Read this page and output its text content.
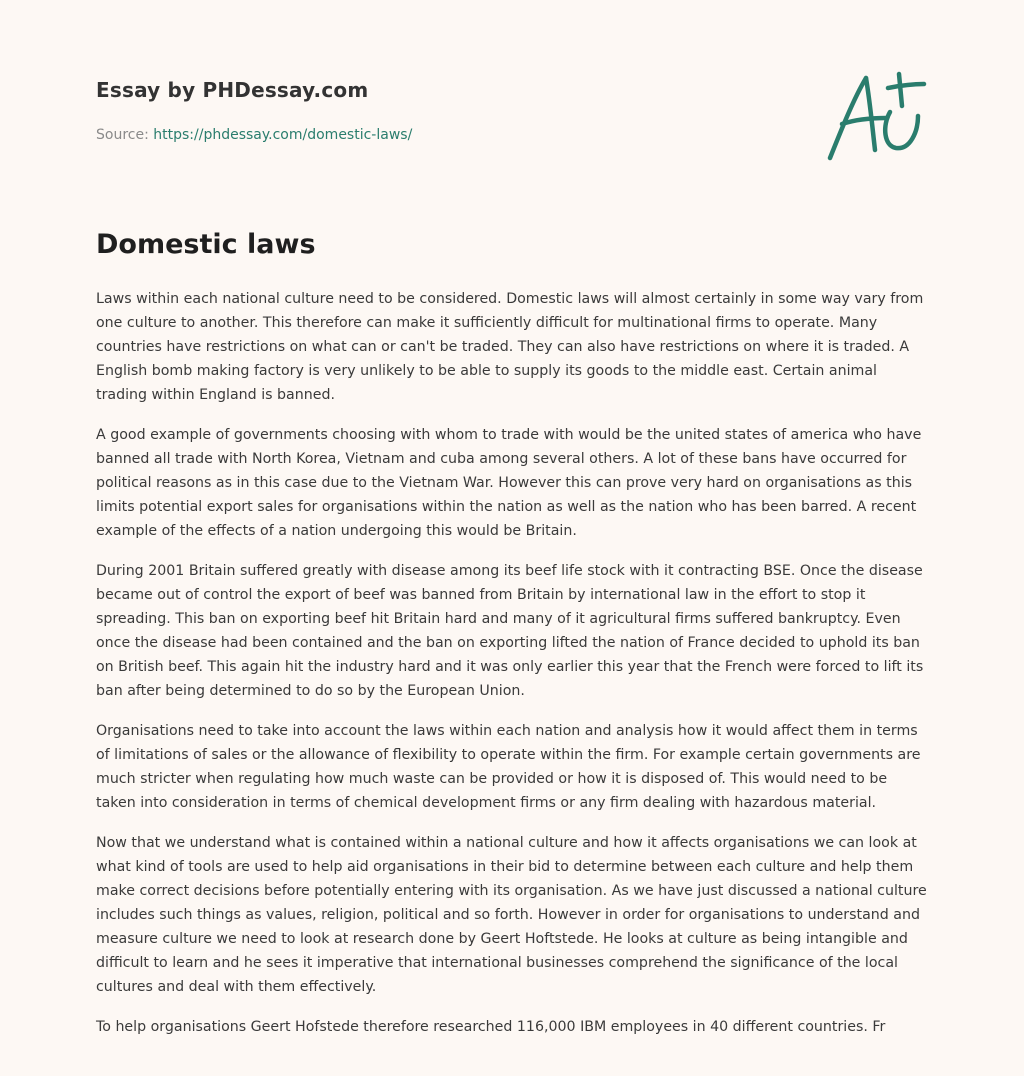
Essay by PHDessay.com
Source: https://phdessay.com/domestic-laws/
Domestic laws

Laws within each national culture need to be considered. Domestic laws will almost certainly in some way vary from one culture to another. This therefore can make it sufficiently difficult for multinational firms to operate. Many countries have restrictions on what can or can't be traded. They can also have restrictions on where it is traded. A English bomb making factory is very unlikely to be able to supply its goods to the middle east. Certain animal trading within England is banned.

A good example of governments choosing with whom to trade with would be the united states of america who have banned all trade with North Korea, Vietnam and cuba among several others. A lot of these bans have occurred for political reasons as in this case due to the Vietnam War. However this can prove very hard on organisations as this limits potential export sales for organisations within the nation as well as the nation who has been barred. A recent example of the effects of a nation undergoing this would be Britain.

During 2001 Britain suffered greatly with disease among its beef life stock with it contracting BSE. Once the disease became out of control the export of beef was banned from Britain by international law in the effort to stop it spreading. This ban on exporting beef hit Britain hard and many of it agricultural firms suffered bankruptcy. Even once the disease had been contained and the ban on exporting lifted the nation of France decided to uphold its ban on British beef. This again hit the industry hard and it was only earlier this year that the French were forced to lift its ban after being determined to do so by the European Union.

Organisations need to take into account the laws within each nation and analysis how it would affect them in terms of limitations of sales or the allowance of flexibility to operate within the firm. For example certain governments are much stricter when regulating how much waste can be provided or how it is disposed of. This would need to be taken into consideration in terms of chemical development firms or any firm dealing with hazardous material.

Now that we understand what is contained within a national culture and how it affects organisations we can look at what kind of tools are used to help aid organisations in their bid to determine between each culture and help them make correct decisions before potentially entering with its organisation. As we have just discussed a national culture includes such things as values, religion, political and so forth. However in order for organisations to understand and measure culture we need to look at research done by Geert Hoftstede. He looks at culture as being intangible and difficult to learn and he sees it imperative that international businesses comprehend the significance of the local cultures and deal with them effectively.

To help organisations Geert Hofstede therefore researched 116,000 IBM employees in 40 different countries. Fr
